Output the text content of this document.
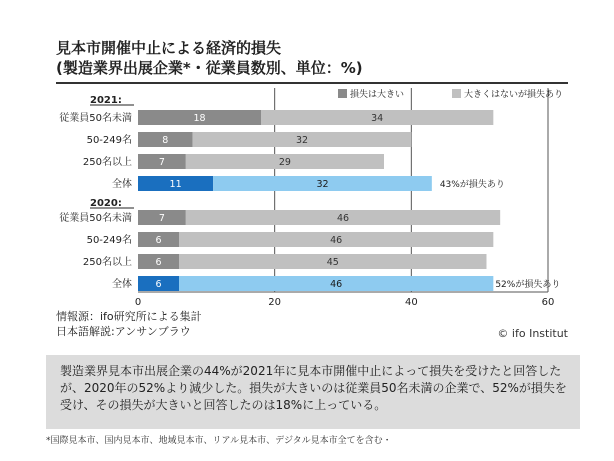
見本市開催中止による経済的損失
(製造業界出展企業*・従業員数別、単位：%)
0	20	40	60
損失は大きい	大きくはないが損失あり
2021:
従業員50名未満	18	34
50-249名	8	32
250名以上	7	29
全体	11	32	43%が損失あり
2020:
従業員50名未満	7	46
50-249名 6	46
250名以上 6	45
全体 6	46	52%が損失あり
情報源：ifo研究所による集計
日本語解説:アンサンブラウ	© ifo Institut
製造業界見本市出展企業の44%が2021年に見本市開催中止によって損失を受けたと回答したが、2020年の52%より減少した。損失が大きいのは従業員50名未満の企業で、52%が損失を受け、その損失が大きいと回答したのは18%に上っている。
*国際見本市、国内見本市、地域見本市、リアル見本市、デジタル見本市全てを含む・
